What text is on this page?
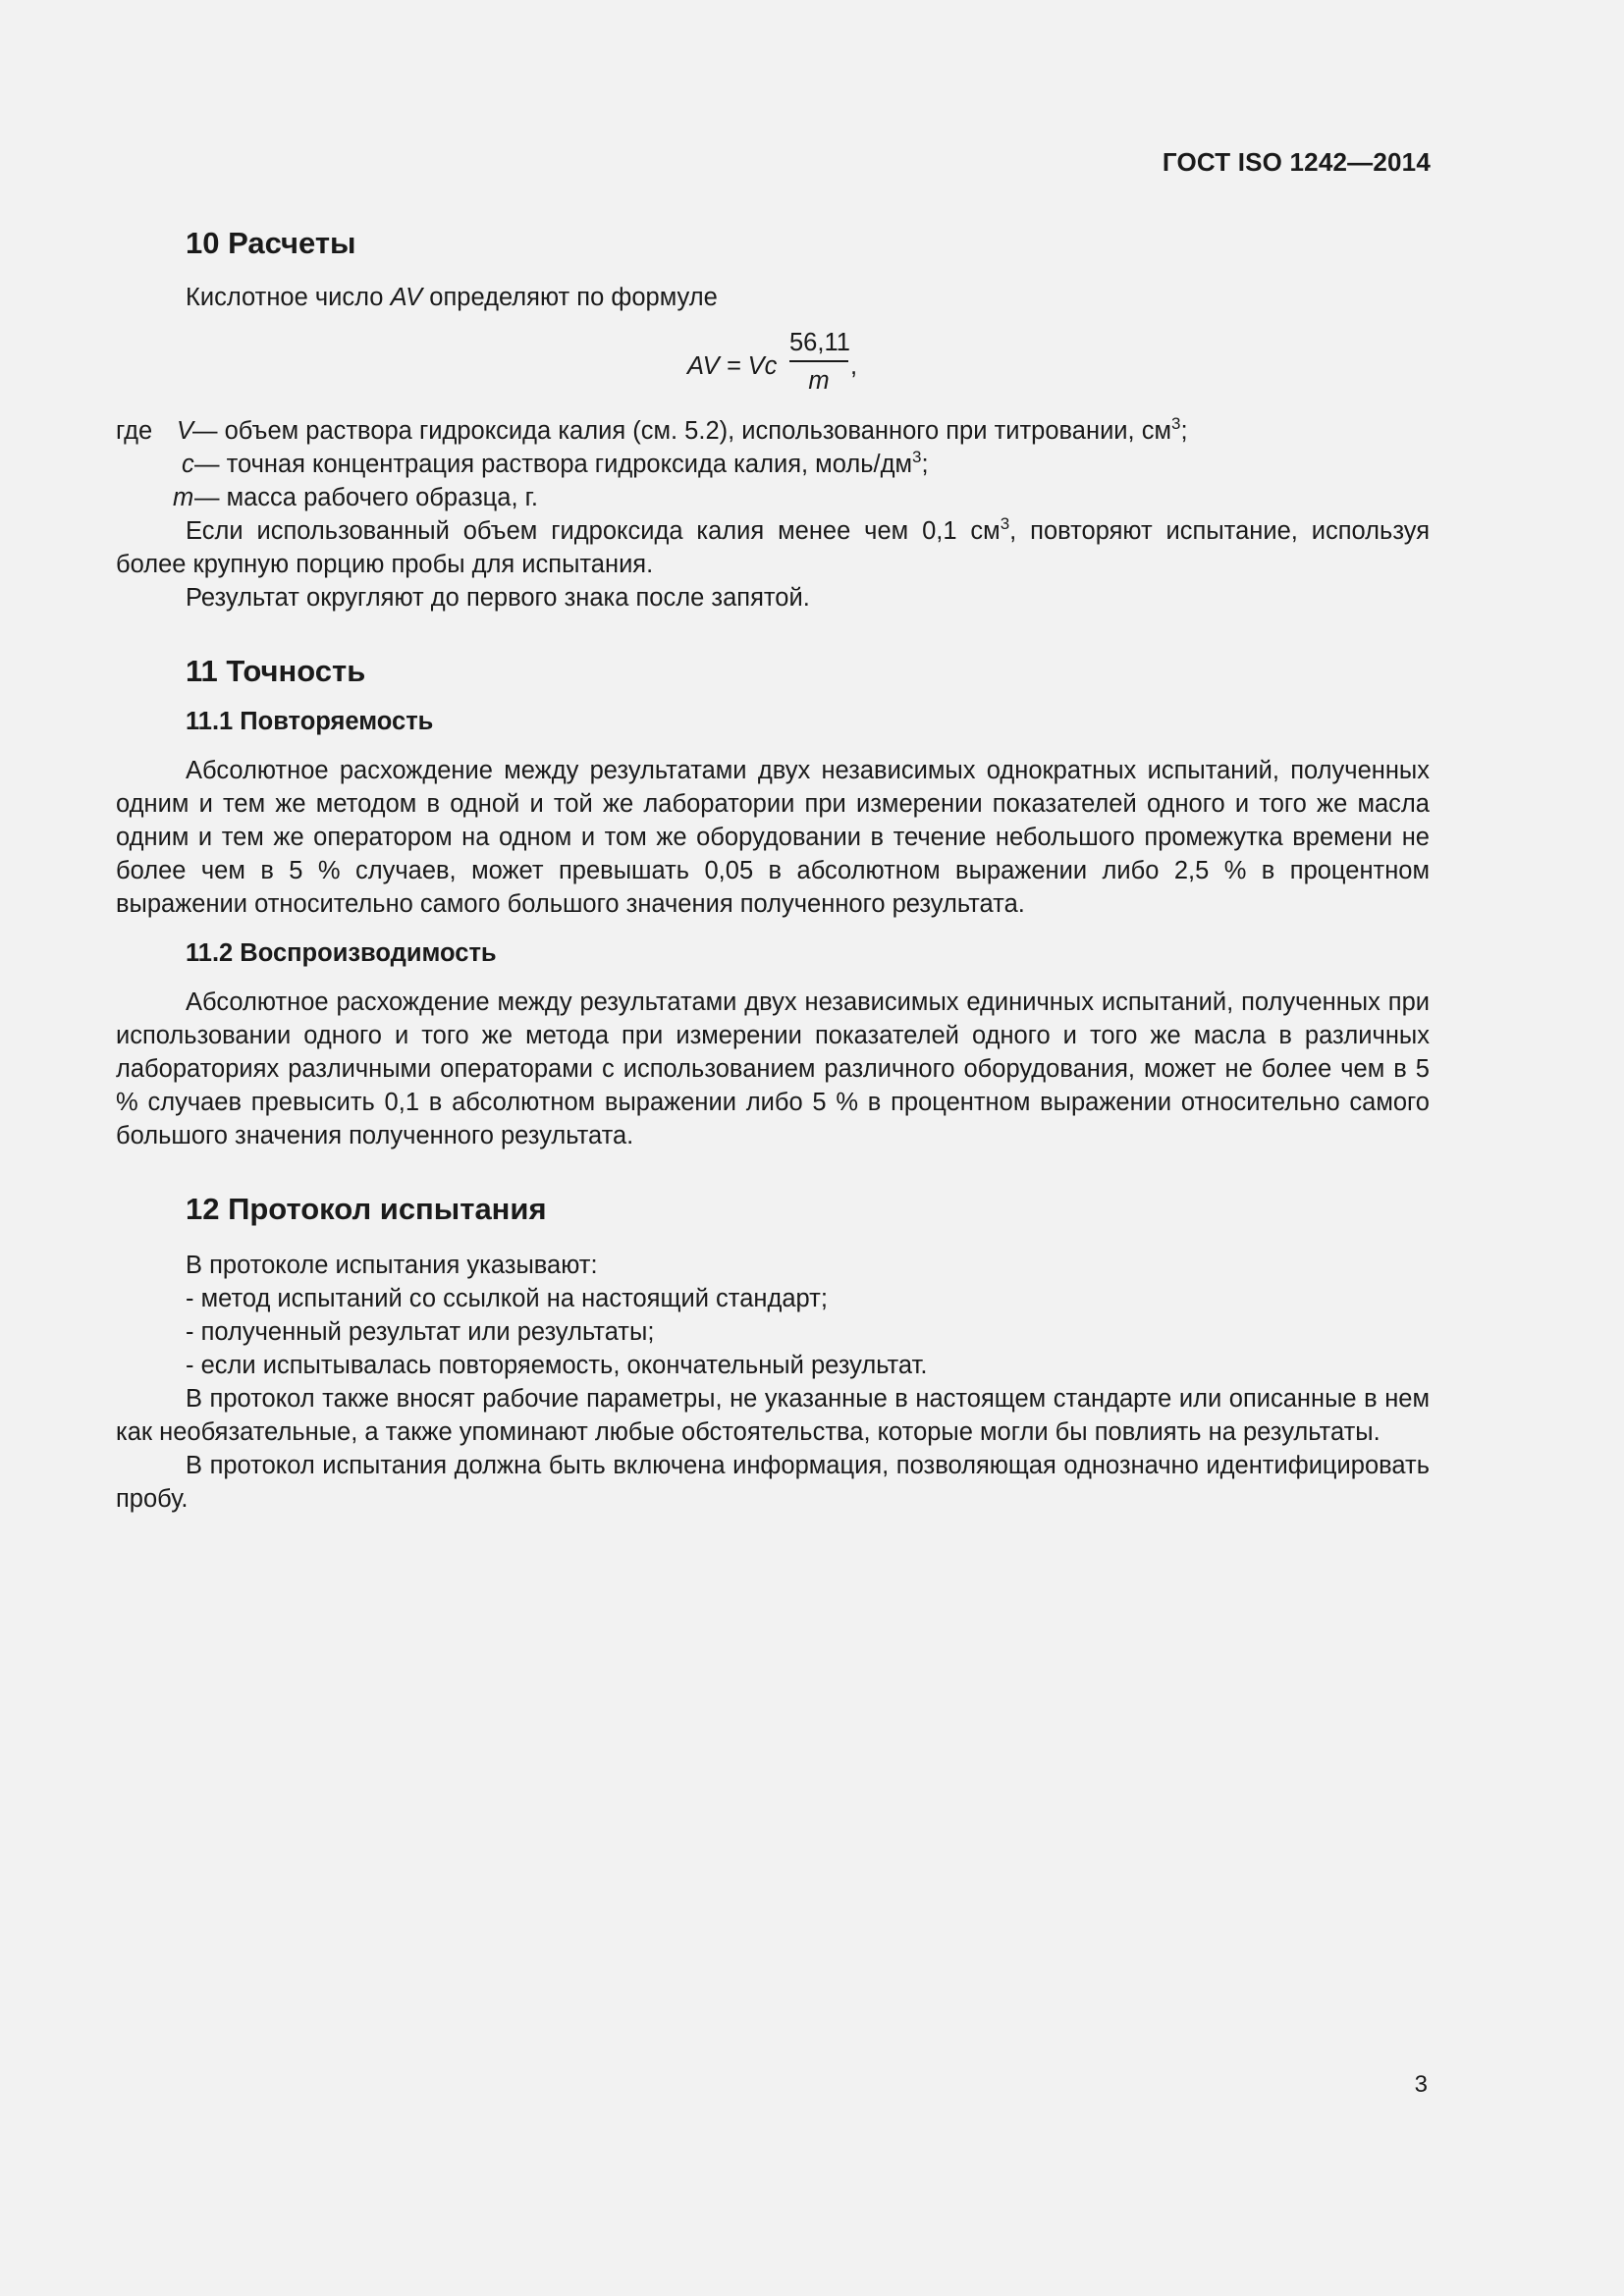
ГОСТ ISO 1242—2014
10 Расчеты

Кислотное число AV определяют по формуле

AV = Vc
56,11
m
,
где V
— объем раствора гидроксида калия (см. 5.2), использованного при титровании, $см^3$;
c — точная концентрация раствора гидроксида калия, моль/$дм^3$;
m — масса рабочего образца, г.

Если использованный объем гидроксида калия менее чем 0,1 $см^3$, повторяют испытание, используя более крупную порцию пробы для испытания.

Результат округляют до первого знака после запятой.

11 Точность
11.1 Повторяемость

Абсолютное расхождение между результатами двух независимых однократных испытаний, полученных одним и тем же методом в одной и той же лаборатории при измерении показателей одного и того же масла одним и тем же оператором на одном и том же оборудовании в течение небольшого промежутка времени не более чем в 5 % случаев, может превышать 0,05 в абсолютном выражении либо 2,5 % в процентном выражении относительно самого большого значения полученного результата.

11.2 Воспроизводимость

Абсолютное расхождение между результатами двух независимых единичных испытаний, полученных при использовании одного и того же метода при измерении показателей одного и того же масла в различных лабораториях различными операторами с использованием различного оборудования, может не более чем в 5 % случаев превысить 0,1 в абсолютном выражении либо 5 % в процентном выражении относительно самого большого значения полученного результата.

12 Протокол испытания

В протоколе испытания указывают:

- метод испытаний со ссылкой на настоящий стандарт;

- полученный результат или результаты;

- если испытывалась повторяемость, окончательный результат.

В протокол также вносят рабочие параметры, не указанные в настоящем стандарте или описанные в нем как необязательные, а также упоминают любые обстоятельства, которые могли бы повлиять на результаты.

В протокол испытания должна быть включена информация, позволяющая однозначно идентифицировать пробу.

3
